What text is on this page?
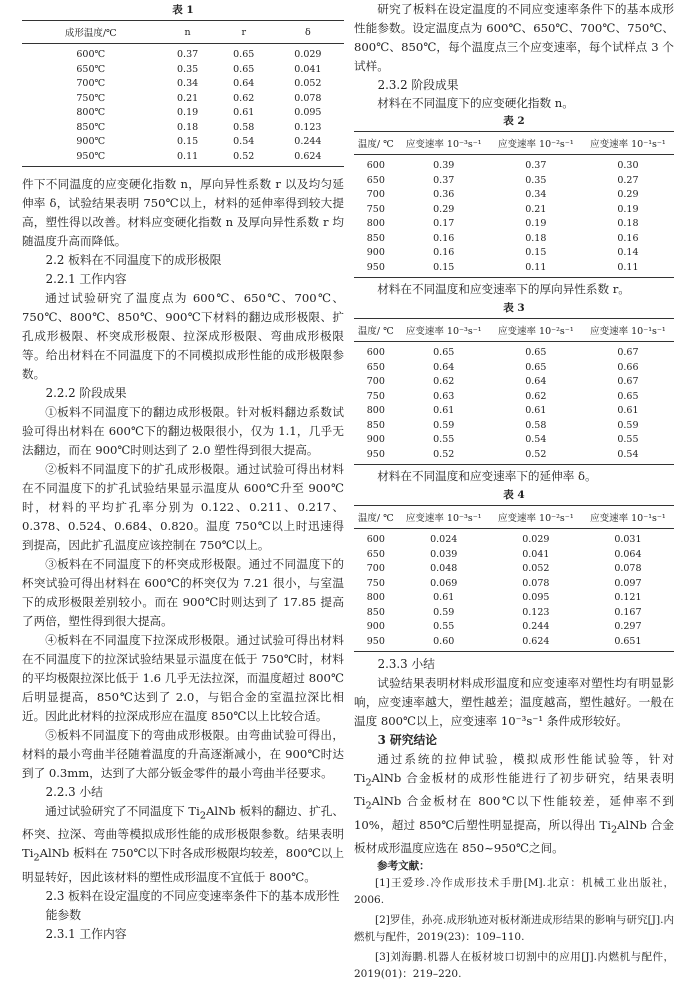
表 1
成形温度/℃	n	r	δ
600℃	0.37	0.65	0.029
650℃	0.35	0.65	0.041
700℃	0.34	0.64	0.052
750℃	0.21	0.62	0.078
800℃	0.19	0.61	0.095
850℃	0.18	0.58	0.123
900℃	0.15	0.54	0.244
950℃	0.11	0.52	0.624

件下不同温度的应变硬化指数 n，厚向异性系数 r 以及均匀延伸率 δ，试验结果表明 750℃以上，材料的延伸率得到较大提高，塑性得以改善。材料应变硬化指数 n 及厚向异性系数 r 均随温度升高而降低。

2.2 板料在不同温度下的成形极限
2.2.1 工作内容

通过试验研究了温度点为 600℃、650℃、700℃、750℃、800℃、850℃、900℃下材料的翻边成形极限、扩孔成形极限、杯突成形极限、拉深成形极限、弯曲成形极限等。给出材料在不同温度下的不同模拟成形性能的成形极限参数。

2.2.2 阶段成果

①板料不同温度下的翻边成形极限。针对板料翻边系数试验可得出材料在 600℃下的翻边极限很小，仅为 1.1，几乎无法翻边，而在 900℃时则达到了 2.0 塑性得到很大提高。

②板料不同温度下的扩孔成形极限。通过试验可得出材料在不同温度下的扩孔试验结果显示温度从 600℃升至 900℃时，材料的平均扩孔率分别为 0.122、0.211、0.217、0.378、0.524、0.684、0.820。温度 750℃以上时迅速得到提高，因此扩孔温度应该控制在 750℃以上。

③板料在不同温度下的杯突成形极限。通过不同温度下的杯突试验可得出材料在 600℃的杯突仅为 7.21 很小，与室温下的成形极限差别较小。而在 900℃时则达到了 17.85 提高了两倍，塑性得到很大提高。

④板料在不同温度下拉深成形极限。通过试验可得出材料在不同温度下的拉深试验结果显示温度在低于 750℃时，材料的平均极限拉深比低于 1.6 几乎无法拉深，而温度超过 800℃后明显提高，850℃达到了 2.0，与铝合金的室温拉深比相近。因此此材料的拉深成形应在温度 850℃以上比较合适。

⑤板料不同温度下的弯曲成形极限。由弯曲试验可得出，材料的最小弯曲半径随着温度的升高逐渐减小，在 900℃时达到了 0.3mm，达到了大部分钣金零件的最小弯曲半径要求。

2.2.3 小结

通过试验研究了不同温度下 $Ti_2AlNb$ 板料的翻边、扩孔、杯突、拉深、弯曲等模拟成形性能的成形极限参数。结果表明 $Ti_2AlNb$ 板料在 750℃以下时各成形极限均较差，800℃以上明显转好，因此该材料的塑性成形温度不宜低于 800℃。

2.3 板料在设定温度的不同应变速率条件下的基本成形性能参数
2.3.1 工作内容

研究了板料在设定温度的不同应变速率条件下的基本成形性能参数。设定温度点为 600℃、650℃、700℃、750℃、800℃、850℃，每个温度点三个应变速率，每个试样点 3 个试样。

2.3.2 阶段成果

材料在不同温度下的应变硬化指数 n。

表 2
温度/ ℃	应变速率 10⁻³s⁻¹	应变速率 10⁻²s⁻¹	应变速率 10⁻¹s⁻¹
600	0.39	0.37	0.30
650	0.37	0.35	0.27
700	0.36	0.34	0.29
750	0.29	0.21	0.19
800	0.17	0.19	0.18
850	0.16	0.18	0.16
900	0.16	0.15	0.14
950	0.15	0.11	0.11

材料在不同温度和应变速率下的厚向异性系数 r。

表 3
温度/ ℃	应变速率 10⁻³s⁻¹	应变速率 10⁻²s⁻¹	应变速率 10⁻¹s⁻¹
600	0.65	0.65	0.67
650	0.64	0.65	0.66
700	0.62	0.64	0.67
750	0.63	0.62	0.65
800	0.61	0.61	0.61
850	0.59	0.58	0.59
900	0.55	0.54	0.55
950	0.52	0.52	0.54

材料在不同温度和应变速率下的延伸率 δ。

表 4
温度/ ℃	应变速率 10⁻³s⁻¹	应变速率 10⁻²s⁻¹	应变速率 10⁻¹s⁻¹
600	0.024	0.029	0.031
650	0.039	0.041	0.064
700	0.048	0.052	0.078
750	0.069	0.078	0.097
800	0.61	0.095	0.121
850	0.59	0.123	0.167
900	0.55	0.244	0.297
950	0.60	0.624	0.651
2.3.3 小结

试验结果表明材料成形温度和应变速率对塑性均有明显影响，应变速率越大，塑性越差；温度越高，塑性越好。一般在温度 800℃以上，应变速率 10⁻³s⁻¹ 条件成形较好。

3 研究结论

通过系统的拉伸试验，模拟成形性能试验等，针对 $Ti_2AlNb$ 合金板材的成形性能进行了初步研究，结果表明 $Ti_2AlNb$ 合金板材在 800℃以下性能较差，延伸率不到 10%，超过 850℃后塑性明显提高，所以得出 $Ti_2AlNb$ 合金板材成形温度应选在 850~950℃之间。

参考文献：

[1]王爱珍.冷作成形技术手册[M].北京：机械工业出版社，2006.

[2]罗佳，孙亮.成形轨迹对板材渐进成形结果的影响与研究[J].内燃机与配件，2019(23)：109–110.

[3]刘海鹏.机器人在板材坡口切割中的应用[J].内燃机与配件，2019(01)：219–220.
